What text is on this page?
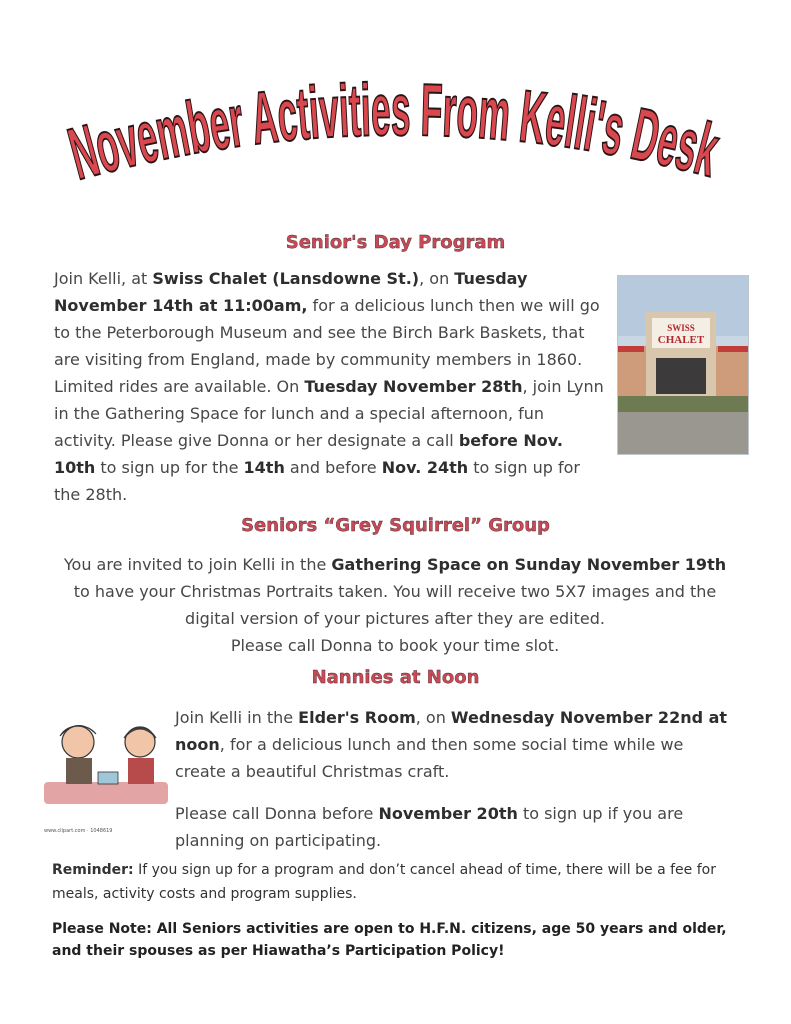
November Activities From Kelli's Des
Senior's Day Program
Join Kelli, at Swiss Chalet (Lansdowne St.), on Tuesday November 14th at 11:00am, for a delicious lunch then we will go to the Peterborough Museum and see the Birch Bark Baskets, that are visiting from England, made by community members in 1860. Limited rides are available. On Tuesday November 28th, join Lynn in the Gathering Space for lunch and a special afternoon, fun activity. Please give Donna or her designate a call before Nov. 10th to sign up for the 14th and before Nov. 24th to sign up for the 28th.
SWISS
CHALET
Seniors “Grey Squirrel” Group
You are invited to join Kelli in the Gathering Space on Sunday November 19th to have your Christmas Portraits taken. You will receive two 5X7 images and the digital version of your pictures after they are edited.
Please call Donna to book your time slot.
Nannies at Noon
www.clipart.com · 1048619
Join Kelli in the Elder's Room, on Wednesday November 22nd at noon, for a delicious lunch and then some social time while we create a beautiful Christmas craft.
Please call Donna before November 20th to sign up if you are planning on participating.
Reminder: If you sign up for a program and don’t cancel ahead of time, there will be a fee for meals, activity costs and program supplies.
Please Note: All Seniors activities are open to H.F.N. citizens, age 50 years and older, and their spouses as per Hiawatha’s Participation Policy!
